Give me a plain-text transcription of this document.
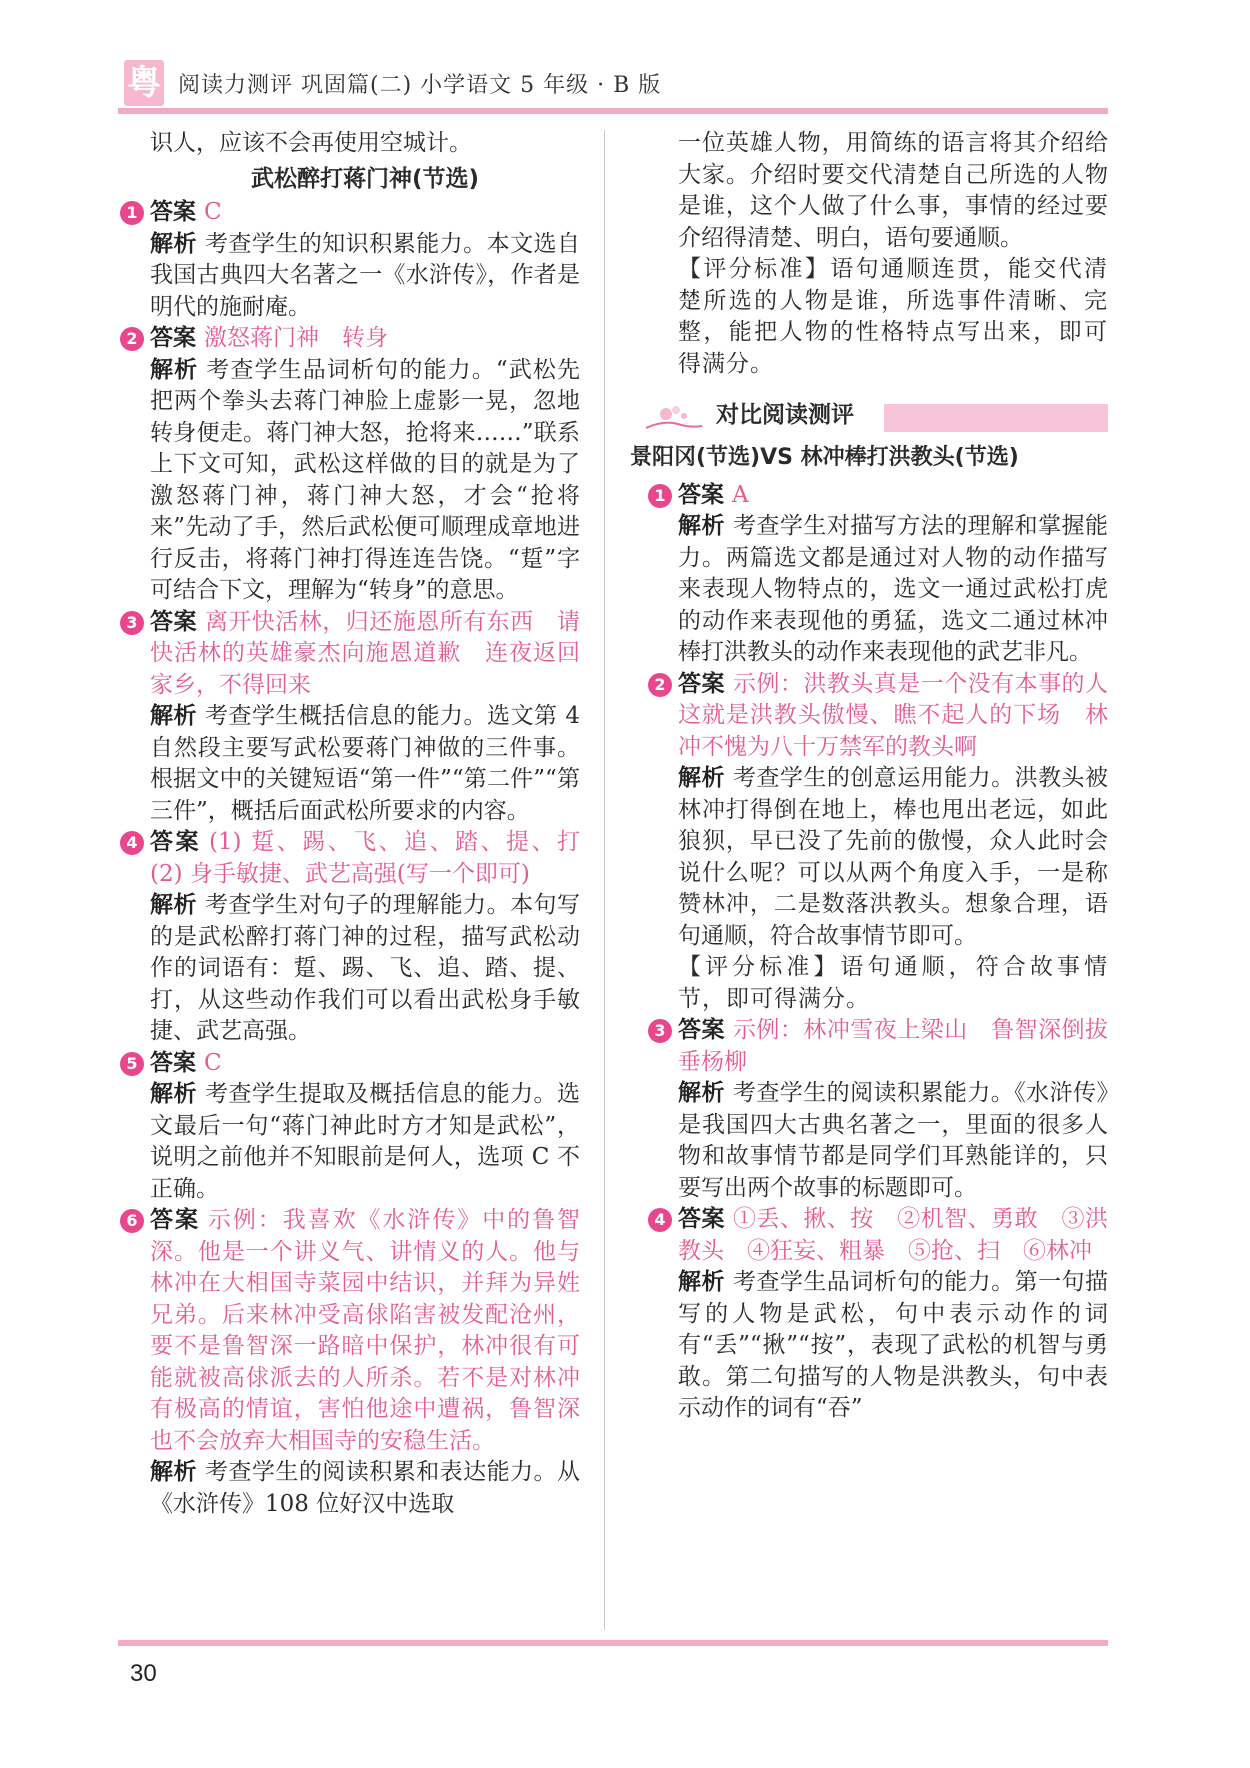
粤 阅读力测评 巩固篇(二) 小学语文 5 年级 · B 版

识人，应该不会再使用空城计。

武松醉打蒋门神(节选)
1 答案 C

解析 考查学生的知识积累能力。本文选自我国古典四大名著之一《水浒传》，作者是明代的施耐庵。

2 答案 激怒蒋门神　转身

解析 考查学生品词析句的能力。“武松先把两个拳头去蒋门神脸上虚影一晃，忽地转身便走。蒋门神大怒，抢将来……”联系上下文可知，武松这样做的目的就是为了激怒蒋门神，蒋门神大怒，才会“抢将来”先动了手，然后武松便可顺理成章地进行反击，将蒋门神打得连连告饶。“踅”字可结合下文，理解为“转身”的意思。

3 答案 离开快活林，归还施恩所有东西　请快活林的英雄豪杰向施恩道歉　连夜返回家乡，不得回来

解析 考查学生概括信息的能力。选文第 4 自然段主要写武松要蒋门神做的三件事。根据文中的关键短语“第一件”“第二件”“第三件”，概括后面武松所要求的内容。

4 答案 (1) 踅、踢、飞、追、踏、提、打　(2) 身手敏捷、武艺高强(写一个即可)

解析 考查学生对句子的理解能力。本句写的是武松醉打蒋门神的过程，描写武松动作的词语有：踅、踢、飞、追、踏、提、打，从这些动作我们可以看出武松身手敏捷、武艺高强。

5 答案 C

解析 考查学生提取及概括信息的能力。选文最后一句“蒋门神此时方才知是武松”，说明之前他并不知眼前是何人，选项 C 不正确。

6 答案 示例：我喜欢《水浒传》中的鲁智深。他是一个讲义气、讲情义的人。他与林冲在大相国寺菜园中结识，并拜为异姓兄弟。后来林冲受高俅陷害被发配沧州，要不是鲁智深一路暗中保护，林冲很有可能就被高俅派去的人所杀。若不是对林冲有极高的情谊，害怕他途中遭祸，鲁智深也不会放弃大相国寺的安稳生活。

解析 考查学生的阅读积累和表达能力。从《水浒传》108 位好汉中选取

一位英雄人物，用简练的语言将其介绍给大家。介绍时要交代清楚自己所选的人物是谁，这个人做了什么事，事情的经过要介绍得清楚、明白，语句要通顺。

【评分标准】语句通顺连贯，能交代清楚所选的人物是谁，所选事件清晰、完整，能把人物的性格特点写出来，即可得满分。

对比阅读测评
景阳冈(节选)VS 林冲棒打洪教头(节选)
1 答案 A

解析 考查学生对描写方法的理解和掌握能力。两篇选文都是通过对人物的动作描写来表现人物特点的，选文一通过武松打虎的动作来表现他的勇猛，选文二通过林冲棒打洪教头的动作来表现他的武艺非凡。

2 答案 示例：洪教头真是一个没有本事的人　这就是洪教头傲慢、瞧不起人的下场　林冲不愧为八十万禁军的教头啊

解析 考查学生的创意运用能力。洪教头被林冲打得倒在地上，棒也甩出老远，如此狼狈，早已没了先前的傲慢，众人此时会说什么呢？可以从两个角度入手，一是称赞林冲，二是数落洪教头。想象合理，语句通顺，符合故事情节即可。

【评分标准】语句通顺，符合故事情节，即可得满分。

3 答案 示例：林冲雪夜上梁山　鲁智深倒拔垂杨柳

解析 考查学生的阅读积累能力。《水浒传》是我国四大古典名著之一，里面的很多人物和故事情节都是同学们耳熟能详的，只要写出两个故事的标题即可。

4 答案 ①丢、揪、按　②机智、勇敢　③洪教头　④狂妄、粗暴　⑤抢、扫　⑥林冲

解析 考查学生品词析句的能力。第一句描写的人物是武松，句中表示动作的词有“丢”“揪”“按”，表现了武松的机智与勇敢。第二句描写的人物是洪教头，句中表示动作的词有“吞”

30
